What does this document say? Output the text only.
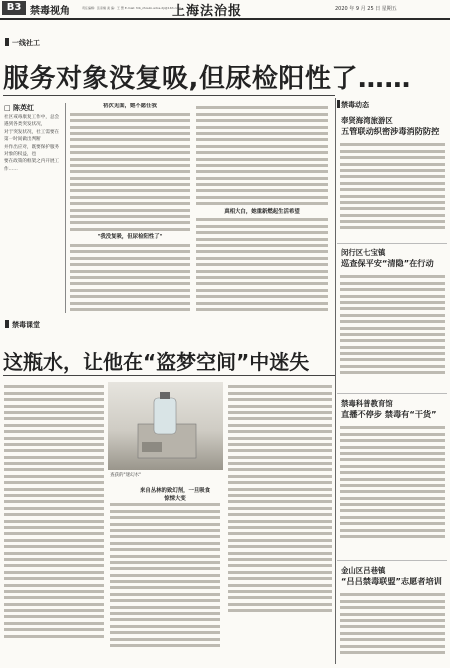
B3 禁毒视角	责任编辑：张彦楠 美 编：王 慧 E-mail: fzb_zhoubi.ados.dji@163.com
上海法治报	2020 年 9 月 25 日 星期五
一线社工
服务对象没复吸,但尿检阳性了……
□ 陈英红
社区戒毒康复工作中，总会遇到各类突发状况，
对于突发状况，社工需要在第一时间做出判断
并作出应对，既要保护服务对象的权益，也
要在政策的框架之内开展工作……
初次见面，她不愿任我
"我没复吸，但尿检阳性了"
真相大白，她重新燃起生活希望
禁毒课堂
这瓶水，让他在“盗梦空间”中迷失
查获的"迷幻水"
来自丛林的致幻剂，一旦吸食惊悚大变
禁毒动态
奉贤海湾旅游区
五管联动织密涉毒消防防控
闵行区七宝镇
巡查保平安“清隐”在行动
禁毒科普教育馆
直播不停步 禁毒有“干货”
金山区吕巷镇
“吕吕禁毒联盟”志愿者培训
